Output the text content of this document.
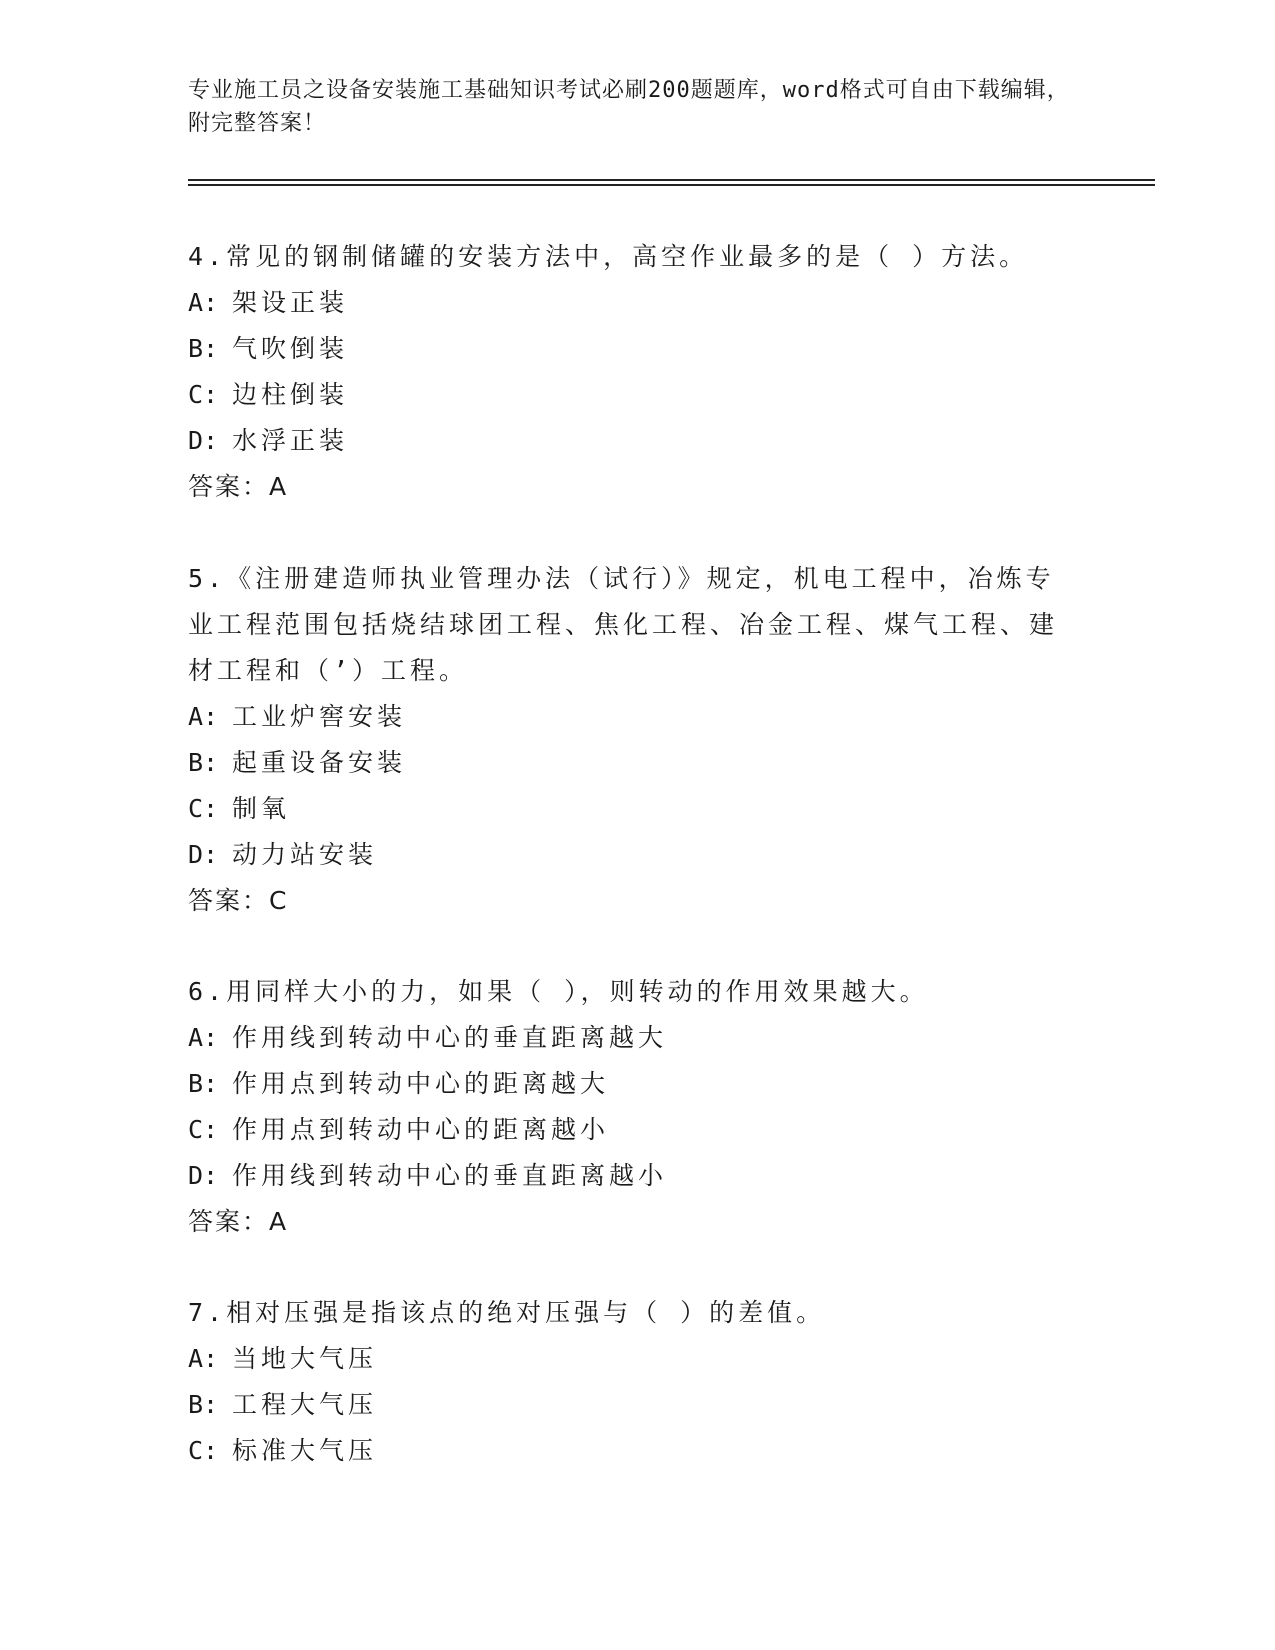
专业施工员之设备安装施工基础知识考试必刷200题题库，word格式可自由下载编辑，附完整答案！
4.常见的钢制储罐的安装方法中，高空作业最多的是（ ）方法。
A: 架设正装
B: 气吹倒装
C: 边柱倒装
D: 水浮正装
答案：A
5.《注册建造师执业管理办法（试行）》规定，机电工程中，冶炼专业工程范围包括烧结球团工程、焦化工程、冶金工程、煤气工程、建材工程和（’）工程。
A: 工业炉窖安装
B: 起重设备安装
C: 制氧
D: 动力站安装
答案：C
6.用同样大小的力，如果（ ），则转动的作用效果越大。
A: 作用线到转动中心的垂直距离越大
B: 作用点到转动中心的距离越大
C: 作用点到转动中心的距离越小
D: 作用线到转动中心的垂直距离越小
答案：A
7.相对压强是指该点的绝对压强与（ ）的差值。
A: 当地大气压
B: 工程大气压
C: 标准大气压
